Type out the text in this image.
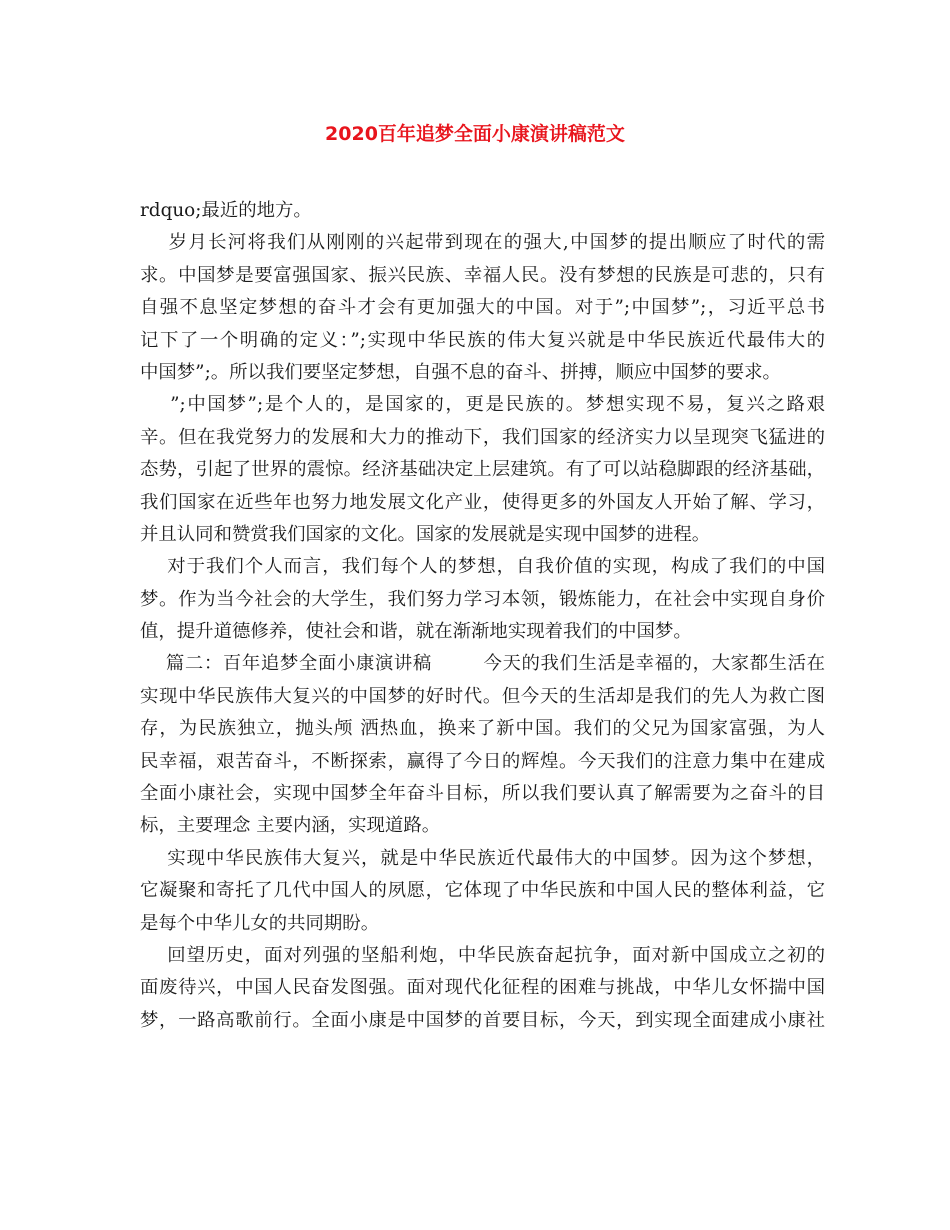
2020百年追梦全面小康演讲稿范文
rdquo;最近的地方。
岁月长河将我们从刚刚的兴起带到现在的强大,中国梦的提出顺应了时代的需
求。中国梦是要富强国家、振兴民族、幸福人民。没有梦想的民族是可悲的，只有
自强不息坚定梦想的奋斗才会有更加强大的中国。对于”;中国梦”;，习近平总书
记下了一个明确的定义：”;实现中华民族的伟大复兴就是中华民族近代最伟大的
中国梦”;。所以我们要坚定梦想，自强不息的奋斗、拼搏，顺应中国梦的要求。
”;中国梦”;是个人的，是国家的，更是民族的。梦想实现不易，复兴之路艰
辛。但在我党努力的发展和大力的推动下，我们国家的经济实力以呈现突飞猛进的
态势，引起了世界的震惊。经济基础决定上层建筑。有了可以站稳脚跟的经济基础，
我们国家在近些年也努力地发展文化产业，使得更多的外国友人开始了解、学习，
并且认同和赞赏我们国家的文化。国家的发展就是实现中国梦的进程。
对于我们个人而言，我们每个人的梦想，自我价值的实现，构成了我们的中国
梦。作为当今社会的大学生，我们努力学习本领，锻炼能力，在社会中实现自身价
值，提升道德修养，使社会和谐，就在渐渐地实现着我们的中国梦。
篇二：百年追梦全面小康演讲稿        今天的我们生活是幸福的，大家都生活在
实现中华民族伟大复兴的中国梦的好时代。但今天的生活却是我们的先人为救亡图
存，为民族独立，抛头颅 洒热血，换来了新中国。我们的父兄为国家富强，为人
民幸福，艰苦奋斗，不断探索，赢得了今日的辉煌。今天我们的注意力集中在建成
全面小康社会，实现中国梦全年奋斗目标，所以我们要认真了解需要为之奋斗的目
标，主要理念 主要内涵，实现道路。
实现中华民族伟大复兴，就是中华民族近代最伟大的中国梦。因为这个梦想，
它凝聚和寄托了几代中国人的夙愿，它体现了中华民族和中国人民的整体利益，它
是每个中华儿女的共同期盼。
回望历史，面对列强的坚船利炮，中华民族奋起抗争，面对新中国成立之初的
面废待兴，中国人民奋发图强。面对现代化征程的困难与挑战，中华儿女怀揣中国
梦，一路高歌前行。全面小康是中国梦的首要目标，今天，到实现全面建成小康社
